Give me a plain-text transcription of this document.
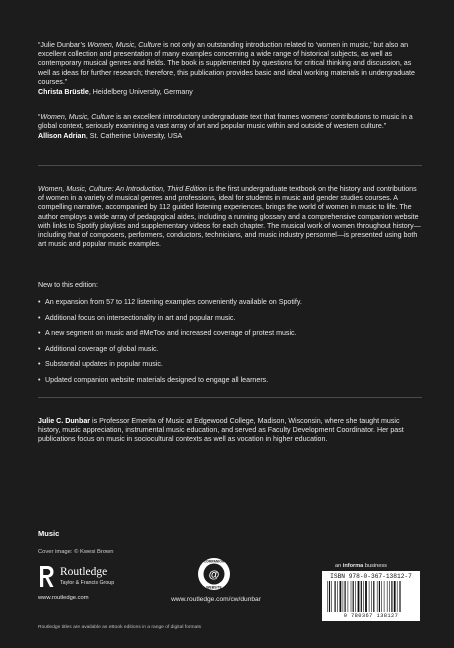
“Julie Dunbar’s Women, Music, Culture is not only an outstanding introduction related to ‘women in music,’ but also an excellent collection and presentation of many examples concerning a wide range of historical subjects, as well as contemporary musical genres and fields. The book is supplemented by questions for critical thinking and discussion, as well as ideas for further research; therefore, this publication provides basic and ideal working materials in undergraduate courses.”

Christa Brüstle, Heidelberg University, Germany

“Women, Music, Culture is an excellent introductory undergraduate text that frames womens’ contributions to music in a global context, seriously examining a vast array of art and popular music within and outside of western culture.”

Allison Adrian, St. Catherine University, USA

Women, Music, Culture: An Introduction, Third Edition is the first undergraduate textbook on the history and contributions of women in a variety of musical genres and professions, ideal for students in music and gender studies courses. A compelling narrative, accompanied by 112 guided listening experiences, brings the world of women in music to life. The author employs a wide array of pedagogical aides, including a running glossary and a comprehensive companion website with links to Spotify playlists and supplementary videos for each chapter. The musical work of women throughout history—including that of composers, performers, conductors, technicians, and music industry personnel—is presented using both art music and popular music examples.

New to this edition:

• An expansion from 57 to 112 listening examples conveniently available on Spotify.
• Additional focus on intersectionality in art and popular music.
• A new segment on music and #MeToo and increased coverage of protest music.
• Additional coverage of global music.
• Substantial updates in popular music.
• Updated companion website materials designed to engage all learners.

Julie C. Dunbar is Professor Emerita of Music at Edgewood College, Madison, Wisconsin, where she taught music history, music appreciation, instrumental music education, and served as Faculty Development Coordinator. Her past publications focus on music in sociocultural contexts as well as vocation in higher education.

Music
Cover image: © Kwesi Brown
Routledge
Taylor & Francis Group
www.routledge.com
@
COMPANION
WEBSITE
www.routledge.com/cw/dunbar
an informa business
ISBN 978-0-367-13812-7
9 780367 138127
Routledge titles are available as eBook editions in a range of digital formats
